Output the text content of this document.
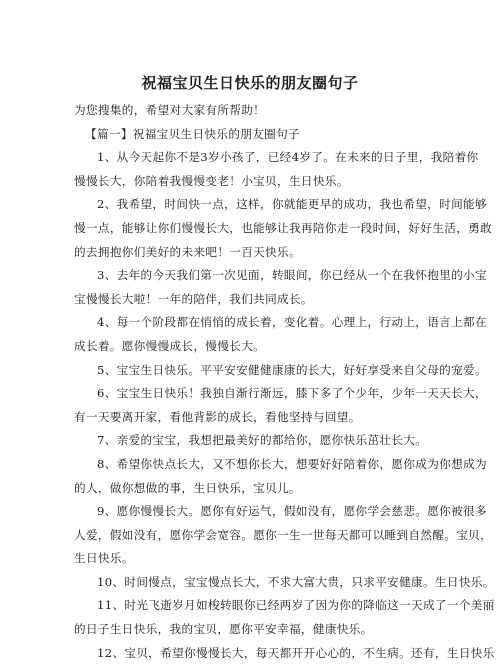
祝福宝贝生日快乐的朋友圈句子
为您搜集的，希望对大家有所帮助！
【篇一】祝福宝贝生日快乐的朋友圈句子
1、从今天起你不是3岁小孩了，已经4岁了。在未来的日子里，我陪着你
慢慢长大，你陪着我慢慢变老！小宝贝，生日快乐。
2、我希望，时间快一点，这样，你就能更早的成功，我也希望，时间能够
慢一点，能够让你们慢慢长大，也能够让我再陪你走一段时间，好好生活，勇敢
的去拥抱你们美好的未来吧！一百天快乐。
3、去年的今天我们第一次见面，转眼间，你已经从一个在我怀抱里的小宝
宝慢慢长大啦！一年的陪伴，我们共同成长。
4、每一个阶段都在悄悄的成长着，变化着。心理上，行动上，语言上都在
成长着。愿你慢慢成长，慢慢长大。
5、宝宝生日快乐。平平安安健健康康的长大，好好享受来自父母的宠爱。
6、宝宝生日快乐！我独自渐行渐远，膝下多了个少年，少年一天天长大，
有一天要离开家，看他背影的成长，看他坚持与回望。
7、亲爱的宝宝，我想把最美好的都给你，愿你快乐茁壮长大。
8、希望你快点长大，又不想你长大，想要好好陪着你，愿你成为你想成为
的人，做你想做的事，生日快乐，宝贝儿。
9、愿你慢慢长大。愿你有好运气，假如没有，愿你学会慈悲。愿你被很多
人爱，假如没有，愿你学会宽容。愿你一生一世每天都可以睡到自然醒。宝贝，
生日快乐。
10、时间慢点，宝宝慢点长大，不求大富大贵，只求平安健康。生日快乐。
11、时光飞逝岁月如梭转眼你已经两岁了因为你的降临这一天成了一个美丽
的日子生日快乐，我的宝贝，愿你平安幸福，健康快乐。
12、宝贝，希望你慢慢长大，每天都开开心心的，不生病。还有，生日快乐
